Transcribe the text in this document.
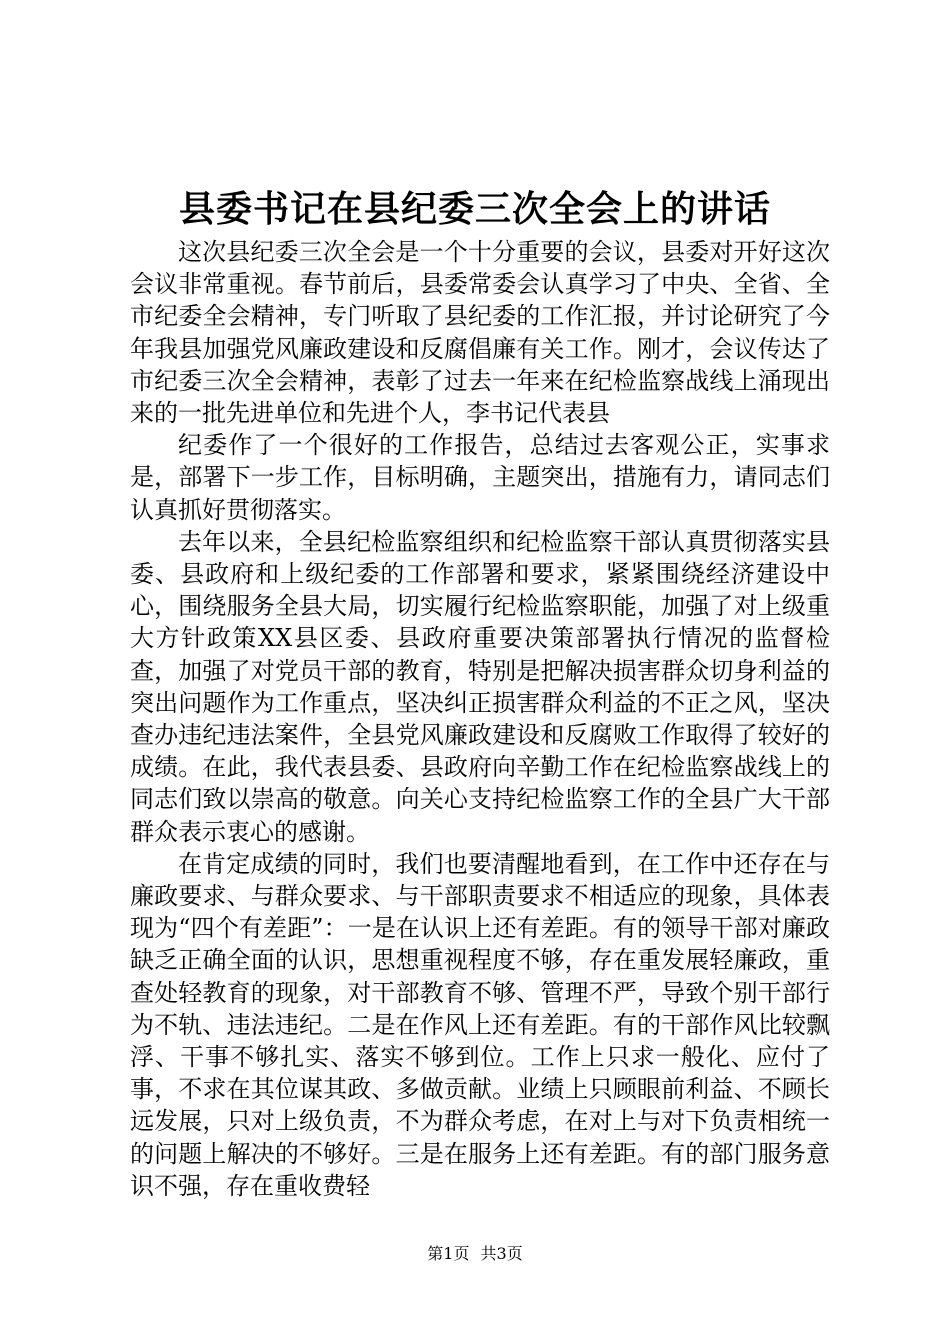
县委书记在县纪委三次全会上的讲话

这次县纪委三次全会是一个十分重要的会议，县委对开好这次会议非常重视。春节前后，县委常委会认真学习了中央、全省、全市纪委全会精神，专门听取了县纪委的工作汇报，并讨论研究了今年我县加强党风廉政建设和反腐倡廉有关工作。刚才，会议传达了市纪委三次全会精神，表彰了过去一年来在纪检监察战线上涌现出来的一批先进单位和先进个人，李书记代表县

纪委作了一个很好的工作报告，总结过去客观公正，实事求是，部署下一步工作，目标明确，主题突出，措施有力，请同志们认真抓好贯彻落实。

去年以来，全县纪检监察组织和纪检监察干部认真贯彻落实县委、县政府和上级纪委的工作部署和要求，紧紧围绕经济建设中心，围绕服务全县大局，切实履行纪检监察职能，加强了对上级重大方针政策XX县区委、县政府重要决策部署执行情况的监督检查，加强了对党员干部的教育，特别是把解决损害群众切身利益的突出问题作为工作重点，坚决纠正损害群众利益的不正之风，坚决查办违纪违法案件，全县党风廉政建设和反腐败工作取得了较好的成绩。在此，我代表县委、县政府向辛勤工作在纪检监察战线上的同志们致以崇高的敬意。向关心支持纪检监察工作的全县广大干部群众表示衷心的感谢。

在肯定成绩的同时，我们也要清醒地看到，在工作中还存在与廉政要求、与群众要求、与干部职责要求不相适应的现象，具体表现为“四个有差距”：一是在认识上还有差距。有的领导干部对廉政缺乏正确全面的认识，思想重视程度不够，存在重发展轻廉政，重查处轻教育的现象，对干部教育不够、管理不严，导致个别干部行为不轨、违法违纪。二是在作风上还有差距。有的干部作风比较飘浮、干事不够扎实、落实不够到位。工作上只求一般化、应付了事，不求在其位谋其政、多做贡献。业绩上只顾眼前利益、不顾长远发展，只对上级负责，不为群众考虑，在对上与对下负责相统一的问题上解决的不够好。三是在服务上还有差距。有的部门服务意识不强，存在重收费轻

第1页 共3页
